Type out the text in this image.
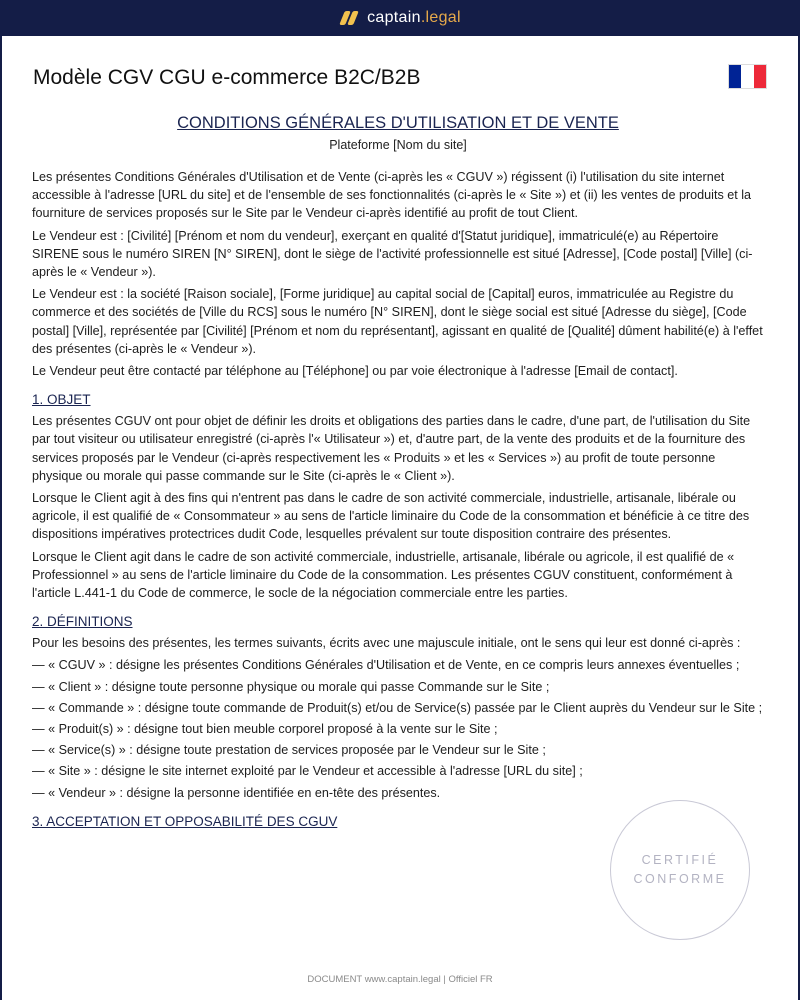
captain.legal
Modèle CGV CGU e-commerce B2C/B2B
CONDITIONS GÉNÉRALES D'UTILISATION ET DE VENTE
Plateforme [Nom du site]

Les présentes Conditions Générales d'Utilisation et de Vente (ci-après les « CGUV ») régissent (i) l'utilisation du site internet accessible à l'adresse [URL du site] et de l'ensemble de ses fonctionnalités (ci-après le « Site ») et (ii) les ventes de produits et la fourniture de services proposés sur le Site par le Vendeur ci-après identifié au profit de tout Client.

Le Vendeur est : [Civilité] [Prénom et nom du vendeur], exerçant en qualité d'[Statut juridique], immatriculé(e) au Répertoire SIRENE sous le numéro SIREN [N° SIREN], dont le siège de l'activité professionnelle est situé [Adresse], [Code postal] [Ville] (ci-après le « Vendeur »).

Le Vendeur est : la société [Raison sociale], [Forme juridique] au capital social de [Capital] euros, immatriculée au Registre du commerce et des sociétés de [Ville du RCS] sous le numéro [N° SIREN], dont le siège social est situé [Adresse du siège], [Code postal] [Ville], représentée par [Civilité] [Prénom et nom du représentant], agissant en qualité de [Qualité] dûment habilité(e) à l'effet des présentes (ci-après le « Vendeur »).

Le Vendeur peut être contacté par téléphone au [Téléphone] ou par voie électronique à l'adresse [Email de contact].

1. OBJET

Les présentes CGUV ont pour objet de définir les droits et obligations des parties dans le cadre, d'une part, de l'utilisation du Site par tout visiteur ou utilisateur enregistré (ci-après l'« Utilisateur ») et, d'autre part, de la vente des produits et de la fourniture des services proposés par le Vendeur (ci-après respectivement les « Produits » et les « Services ») au profit de toute personne physique ou morale qui passe commande sur le Site (ci-après le « Client »).

Lorsque le Client agit à des fins qui n'entrent pas dans le cadre de son activité commerciale, industrielle, artisanale, libérale ou agricole, il est qualifié de « Consommateur » au sens de l'article liminaire du Code de la consommation et bénéficie à ce titre des dispositions impératives protectrices dudit Code, lesquelles prévalent sur toute disposition contraire des présentes.

Lorsque le Client agit dans le cadre de son activité commerciale, industrielle, artisanale, libérale ou agricole, il est qualifié de « Professionnel » au sens de l'article liminaire du Code de la consommation. Les présentes CGUV constituent, conformément à l'article L.441-1 du Code de commerce, le socle de la négociation commerciale entre les parties.

2. DÉFINITIONS

Pour les besoins des présentes, les termes suivants, écrits avec une majuscule initiale, ont le sens qui leur est donné ci-après :

— « CGUV » : désigne les présentes Conditions Générales d'Utilisation et de Vente, en ce compris leurs annexes éventuelles ;

— « Client » : désigne toute personne physique ou morale qui passe Commande sur le Site ;

— « Commande » : désigne toute commande de Produit(s) et/ou de Service(s) passée par le Client auprès du Vendeur sur le Site ;

— « Produit(s) » : désigne tout bien meuble corporel proposé à la vente sur le Site ;

— « Service(s) » : désigne toute prestation de services proposée par le Vendeur sur le Site ;

— « Site » : désigne le site internet exploité par le Vendeur et accessible à l'adresse [URL du site] ;

— « Vendeur » : désigne la personne identifiée en en-tête des présentes.

3. ACCEPTATION ET OPPOSABILITÉ DES CGUV
CERTIFIÉ
CONFORME
DOCUMENT www.captain.legal | Officiel FR
